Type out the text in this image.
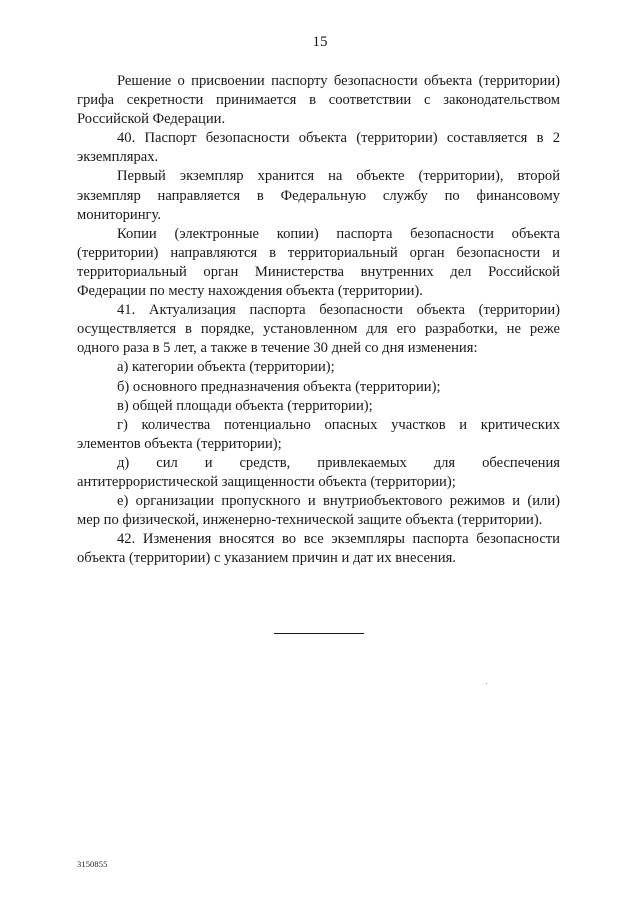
15

Решение о присвоении паспорту безопасности объекта (территории) грифа секретности принимается в соответствии с законодательством Российской Федерации.

40. Паспорт безопасности объекта (территории) составляется в 2 экземплярах.

Первый экземпляр хранится на объекте (территории), второй экземпляр направляется в Федеральную службу по финансовому мониторингу.

Копии (электронные копии) паспорта безопасности объекта (территории) направляются в территориальный орган безопасности и территориальный орган Министерства внутренних дел Российской Федерации по месту нахождения объекта (территории).

41. Актуализация паспорта безопасности объекта (территории) осуществляется в порядке, установленном для его разработки, не реже одного раза в 5 лет, а также в течение 30 дней со дня изменения:

а) категории объекта (территории);

б) основного предназначения объекта (территории);

в) общей площади объекта (территории);

г) количества потенциально опасных участков и критических элементов объекта (территории);

д) сил и средств, привлекаемых для обеспечения антитеррористической защищенности объекта (территории);

е) организации пропускного и внутриобъектового режимов и (или) мер по физической, инженерно-технической защите объекта (территории).

42. Изменения вносятся во все экземпляры паспорта безопасности объекта (территории) с указанием причин и дат их внесения.

3150855
